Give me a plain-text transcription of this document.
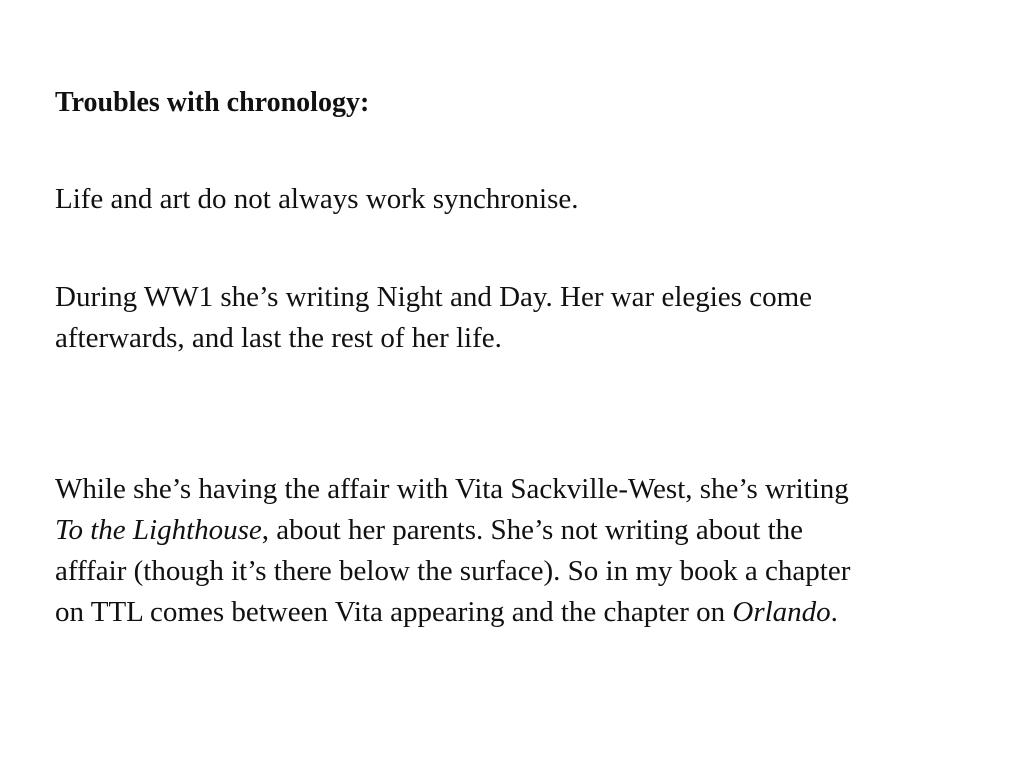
Troubles with chronology:

Life and art do not always work synchronise.

During WW1 she’s writing Night and Day. Her war elegies come
afterwards, and last the rest of her life.

While she’s having the affair with Vita Sackville-West, she’s writing
To the Lighthouse, about her parents. She’s not writing about the
afffair (though it’s there below the surface). So in my book a chapter
on TTL comes between Vita appearing and the chapter on Orlando.
